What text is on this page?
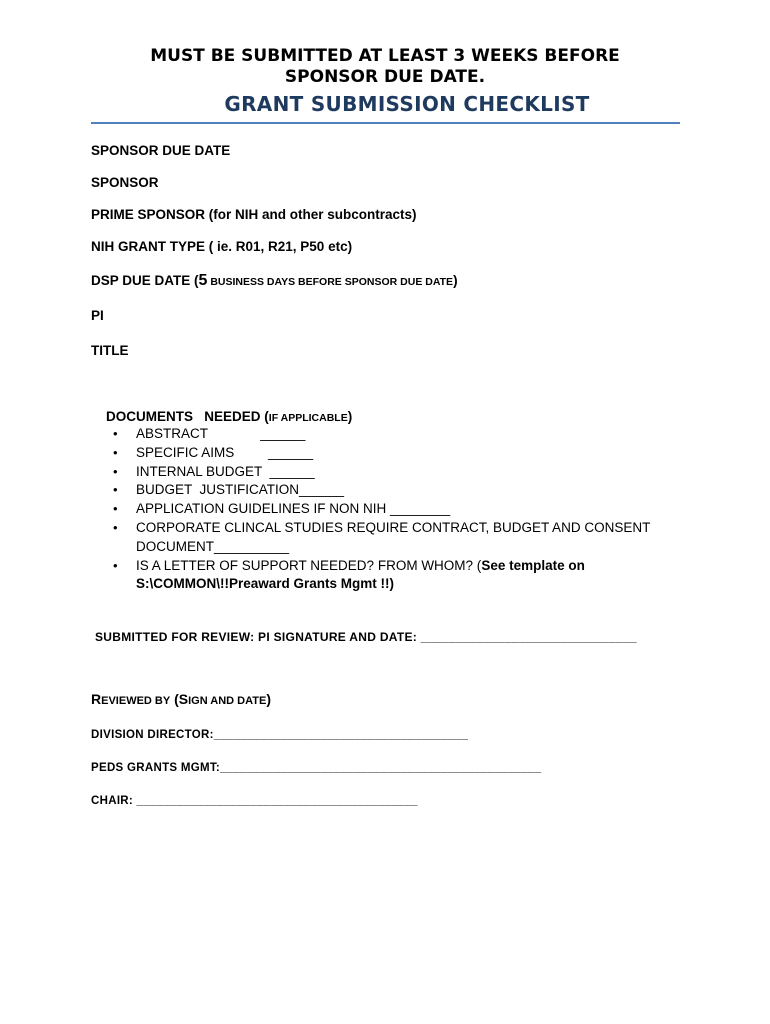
MUST BE SUBMITTED AT LEAST 3 WEEKS BEFORE
SPONSOR DUE DATE.
GRANT SUBMISSION CHECKLIST
SPONSOR DUE DATE
SPONSOR
PRIME SPONSOR (for NIH and other subcontracts)
NIH GRANT TYPE ( ie. R01, R21, P50 etc)
DSP DUE DATE (5 BUSINESS DAYS BEFORE SPONSOR DUE DATE)
PI
TITLE

DOCUMENTS   NEEDED (IF APPLICABLE)

• ABSTRACT              ______
• SPECIFIC AIMS         ______
• INTERNAL BUDGET  ______
• BUDGET  JUSTIFICATION______
• APPLICATION GUIDELINES IF NON NIH ________
• CORPORATE CLINCAL STUDIES REQUIRE CONTRACT, BUDGET AND CONSENT DOCUMENT__________
• IS A LETTER OF SUPPORT NEEDED? FROM WHOM? (See template on S:\COMMON\!!Preaward Grants Mgmt !!)
SUBMITTED FOR REVIEW: PI SIGNATURE AND DATE: _______________________________
REVIEWED BY (SIGN AND DATE)
DIVISION DIRECTOR:______________________________________
PEDS GRANTS MGMT:________________________________________________
CHAIR: __________________________________________
